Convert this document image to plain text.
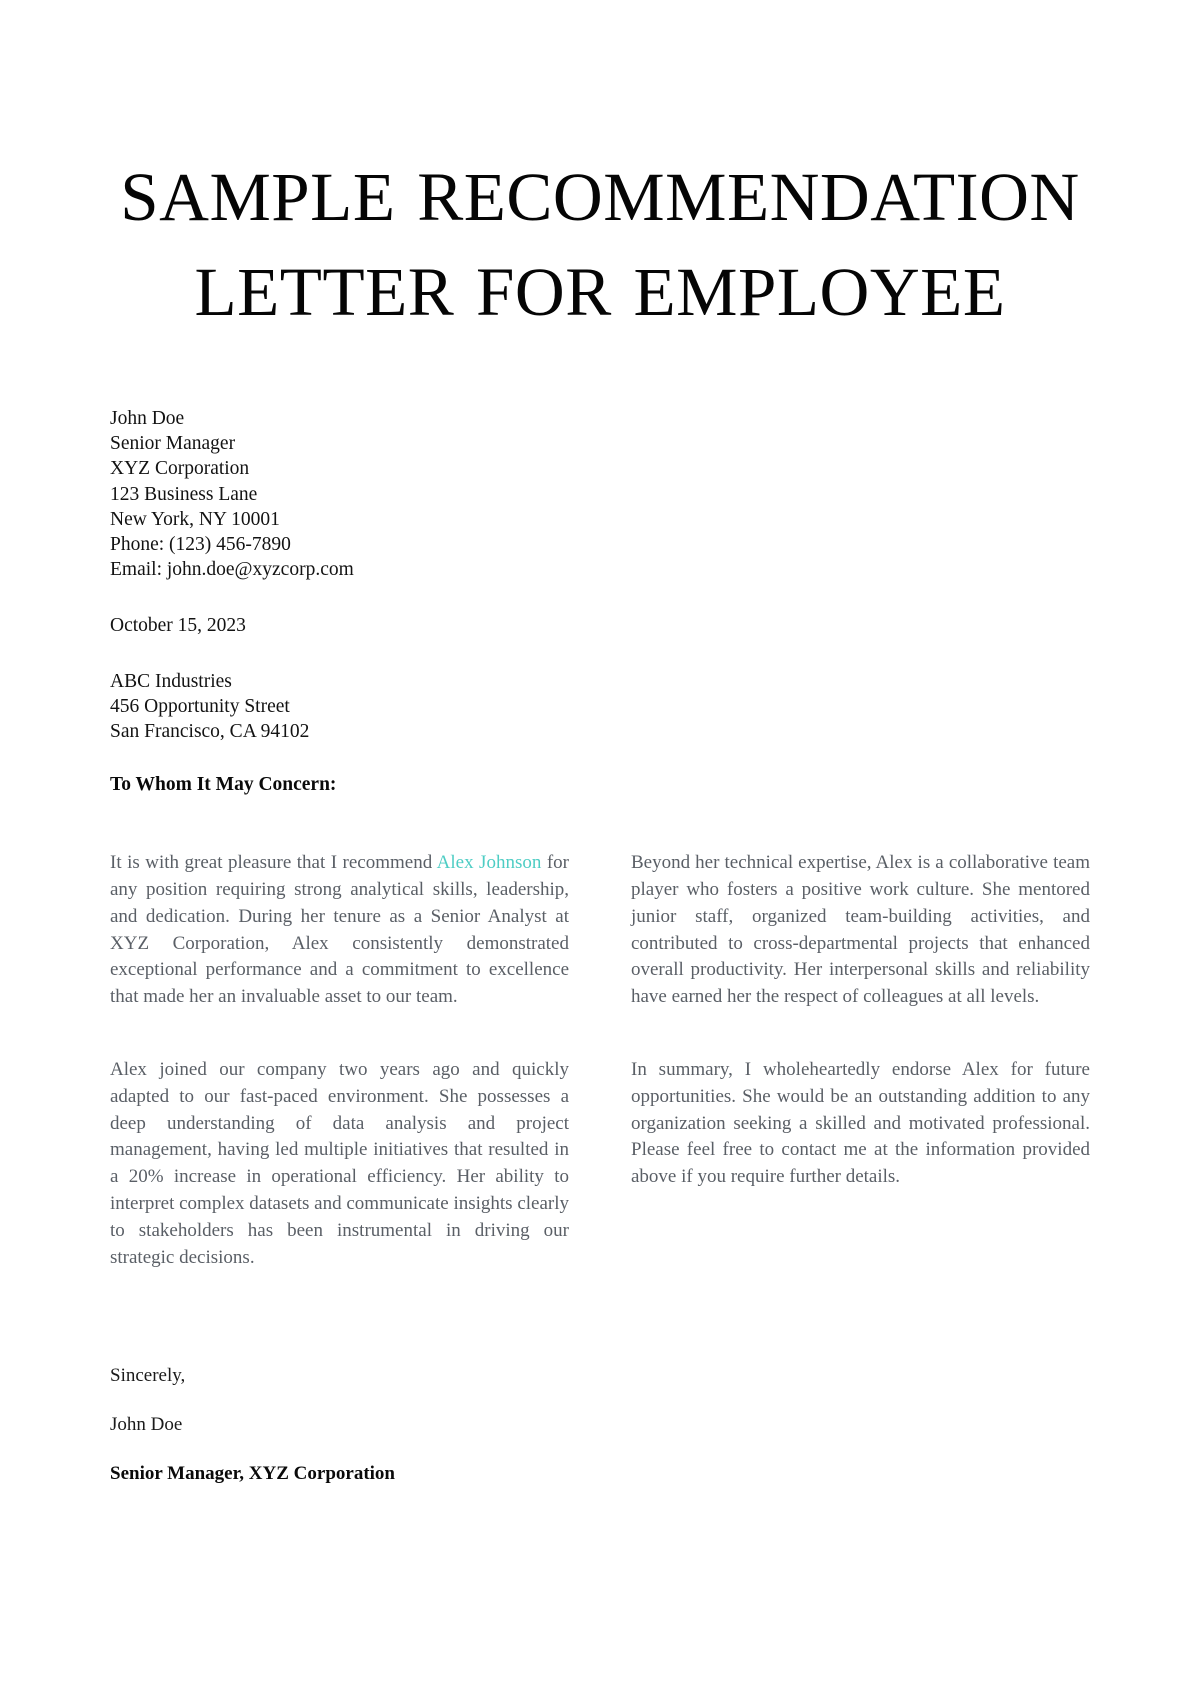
SAMPLE RECOMMENDATION LETTER FOR EMPLOYEE
John Doe
Senior Manager
XYZ Corporation
123 Business Lane
New York, NY 10001
Phone: (123) 456-7890
Email: john.doe@xyzcorp.com
October 15, 2023
ABC Industries
456 Opportunity Street
San Francisco, CA 94102
To Whom It May Concern:

It is with great pleasure that I recommend Alex Johnson for any position requiring strong analytical skills, leadership, and dedication. During her tenure as a Senior Analyst at XYZ Corporation, Alex consistently demonstrated exceptional performance and a commitment to excellence that made her an invaluable asset to our team.

Alex joined our company two years ago and quickly adapted to our fast-paced environment. She possesses a deep understanding of data analysis and project management, having led multiple initiatives that resulted in a 20% increase in operational efficiency. Her ability to interpret complex datasets and communicate insights clearly to stakeholders has been instrumental in driving our strategic decisions.

Beyond her technical expertise, Alex is a collaborative team player who fosters a positive work culture. She mentored junior staff, organized team-building activities, and contributed to cross-departmental projects that enhanced overall productivity. Her interpersonal skills and reliability have earned her the respect of colleagues at all levels.

In summary, I wholeheartedly endorse Alex for future opportunities. She would be an outstanding addition to any organization seeking a skilled and motivated professional. Please feel free to contact me at the information provided above if you require further details.

Sincerely,
John Doe
Senior Manager, XYZ Corporation
